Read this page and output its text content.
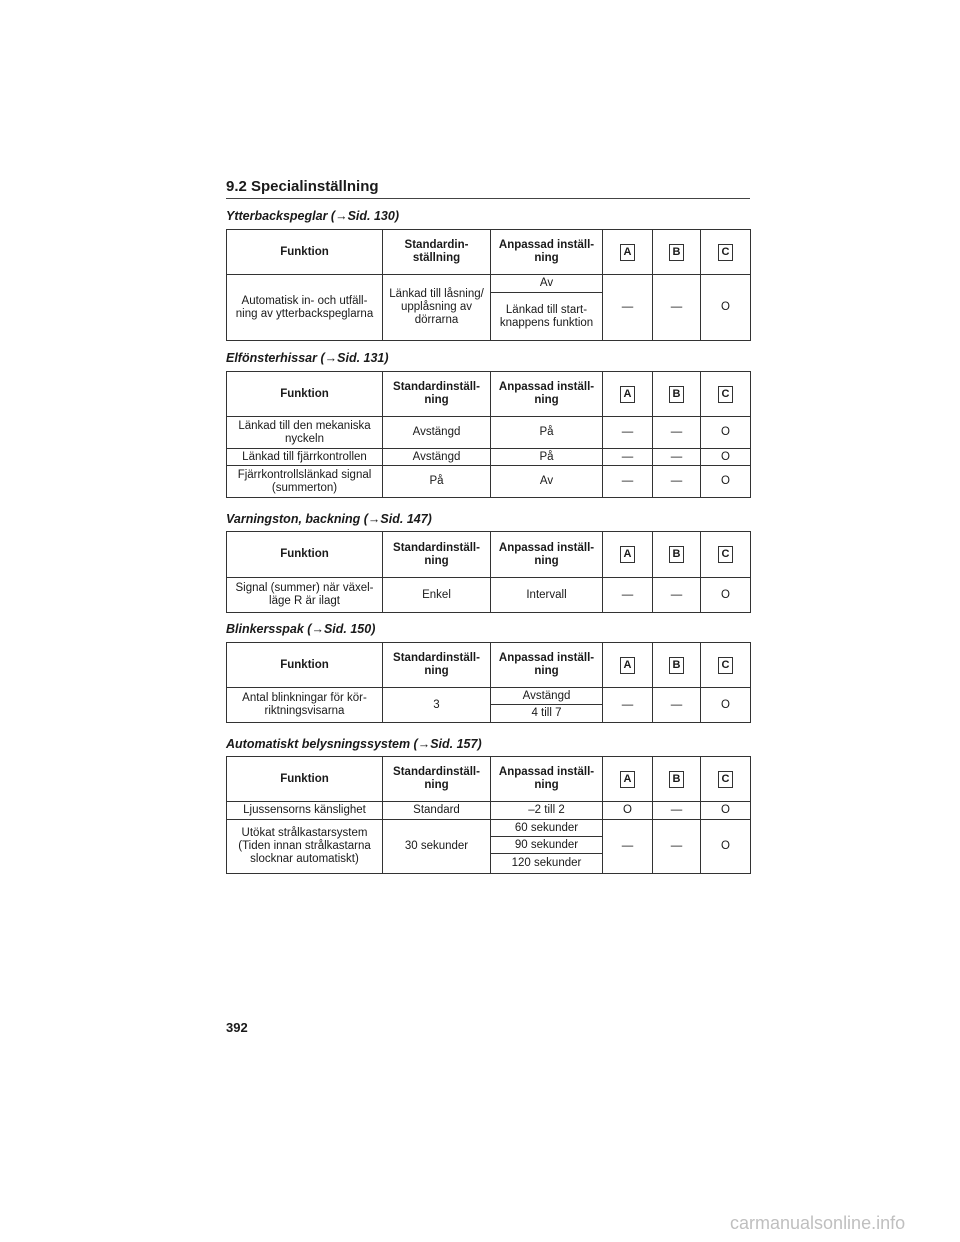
9.2 Specialinställning
Ytterbackspeglar (→Sid. 130)
Funktion	Standardin-ställning	Anpassad inställ-ning	A	B	C
Automatisk in- och utfäll-ning av ytterbackspeglarna	Länkad till låsning/ upplåsning av dörrarna	Av	—	—	O
		Länkad till start-knappens funktion			
Elfönsterhissar (→Sid. 131)
Funktion	Standardinställ-ning	Anpassad inställ-ning	A	B	C
Länkad till den mekaniska nyckeln	Avstängd	På	—	—	O
Länkad till fjärrkontrollen	Avstängd	På	—	—	O
Fjärrkontrollslänkad signal (summerton)	På	Av	—	—	O
Varningston, backning (→Sid. 147)
Funktion	Standardinställ-ning	Anpassad inställ-ning	A	B	C
Signal (summer) när växel-läge R är ilagt	Enkel	Intervall	—	—	O
Blinkersspak (→Sid. 150)
Funktion	Standardinställ-ning	Anpassad inställ-ning	A	B	C
Antal blinkningar för kör-riktningsvisarna	3	Avstängd	—	—	O
		4 till 7			
Automatiskt belysningssystem (→Sid. 157)
Funktion	Standardinställ-ning	Anpassad inställ-ning	A	B	C
Ljussensorns känslighet	Standard	–2 till 2	O	—	O
Utökat strålkastarsystem (Tiden innan strålkastarna slocknar automatiskt)	30 sekunder	60 sekunder	—	—	O
		90 sekunder			
		120 sekunder			
392
carmanualsonline.info
